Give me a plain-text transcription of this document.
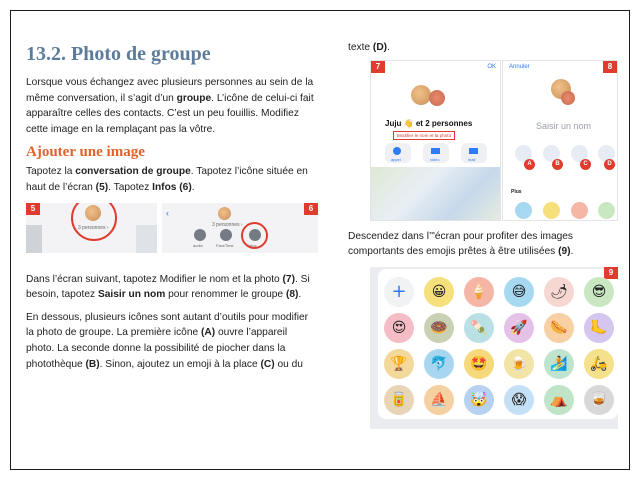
13.2. Photo de groupe

Lorsque vous échangez avec plusieurs personnes au sein de la même conversation, il s’agit d’un groupe. L’icône de celui-ci fait apparaître celles des contacts. C’est un peu fouillis. Modifiez cette image en la remplaçant pas la vôtre.

Ajouter une image

Tapotez la conversation de groupe. Tapotez l’icône située en haut de l’écran (5). Tapotez Infos (6).

5
3 personnes ›
6
‹
3 personnes ›
audio	FaceTime	infos

Dans l’écran suivant, tapotez Modifier le nom et la photo (7). Si besoin, tapotez Saisir un nom pour renommer le groupe (8).

En dessous, plusieurs icônes sont autant d’outils pour modifier la photo de groupe. La première icône (A) ouvre l’appareil photo. La seconde donne la possibilité de piocher dans la photothèque (B). Sinon, ajoutez un emoji à la place (C) ou du

texte (D).

7	OK
Juju 👋 et 2 personnes
Modifier le nom et la photo
appel	vidéo	mail
8
Annuler
Saisir un nom
A	B	C	D
Plus

Descendez dans l’"écran pour profiter des images comportants des emojis prêtes à être utilisées (9).

9
+	😀	🍦	😅	🌶	😎
😍	🍩	🍡	🚀	🌭	🦶
🏆	🐬	🤩	🍺	🏄	🛵
🥫	⛵	🤯	😱	⛺	🥃
